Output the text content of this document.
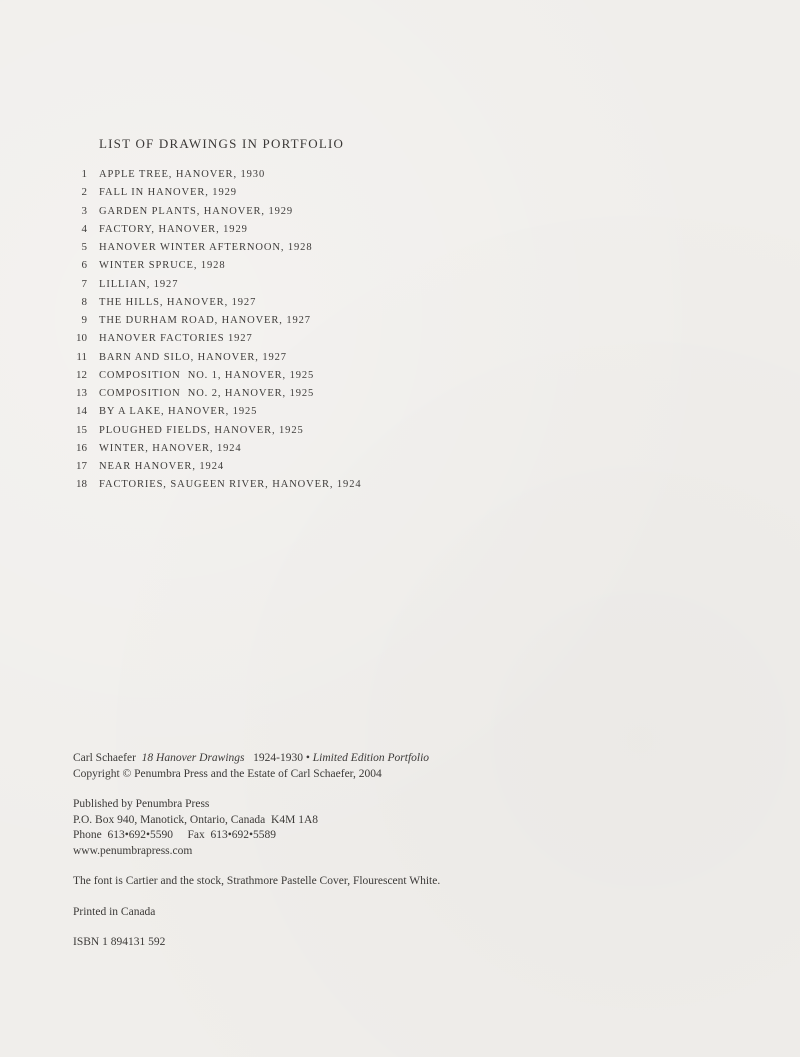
LIST OF DRAWINGS IN PORTFOLIO
1 APPLE TREE, HANOVER, 1930
2 FALL IN HANOVER, 1929
3 GARDEN PLANTS, HANOVER, 1929
4 FACTORY, HANOVER, 1929
5 HANOVER WINTER AFTERNOON, 1928
6 WINTER SPRUCE, 1928
7 LILLIAN, 1927
8 THE HILLS, HANOVER, 1927
9 THE DURHAM ROAD, HANOVER, 1927
10 HANOVER FACTORIES 1927
11 BARN AND SILO, HANOVER, 1927
12 COMPOSITION  NO. 1, HANOVER, 1925
13 COMPOSITION  NO. 2, HANOVER, 1925
14 BY A LAKE, HANOVER, 1925
15 PLOUGHED FIELDS, HANOVER, 1925
16 WINTER, HANOVER, 1924
17 NEAR HANOVER, 1924
18 FACTORIES, SAUGEEN RIVER, HANOVER, 1924
Carl Schaefer 18 Hanover Drawings 1924-1930 • Limited Edition Portfolio
Copyright © Penumbra Press and the Estate of Carl Schaefer, 2004
Published by Penumbra Press
P.O. Box 940, Manotick, Ontario, Canada  K4M 1A8
Phone 613•692•5590 Fax 613•692•5589
www.penumbrapress.com
The font is Cartier and the stock, Strathmore Pastelle Cover, Flourescent White.
Printed in Canada
ISBN 1 894131 592
